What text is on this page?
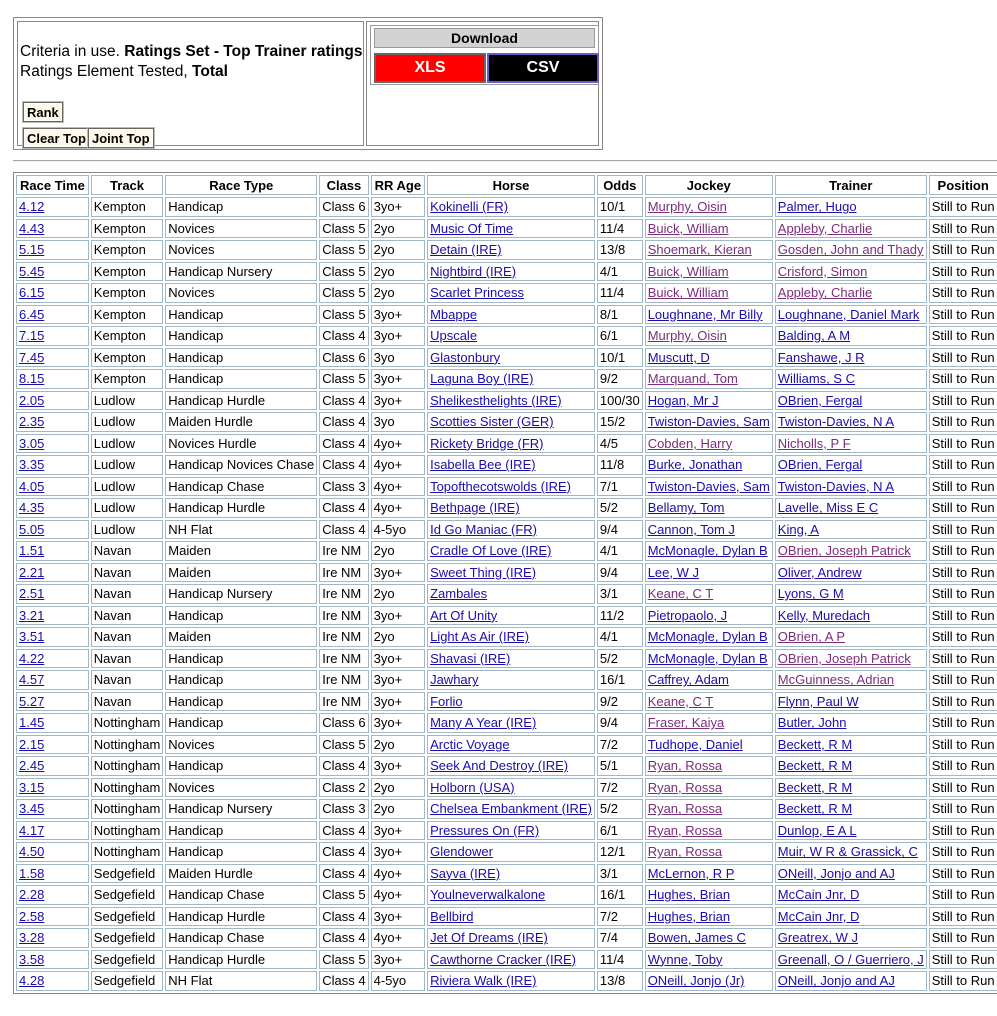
Criteria in use. Ratings Set - Top Trainer ratings
Ratings Element Tested, Total
Rank
Clear Top Joint Top
Download
XLS	CSV
Race Time	Track	Race Type	Class	RR Age	Horse	Odds	Jockey	Trainer	Position
4.12	Kempton	Handicap	Class 6	3yo+	Kokinelli (FR)	10/1	Murphy, Oisin	Palmer, Hugo	Still to Run
4.43	Kempton	Novices	Class 5	2yo	Music Of Time	11/4	Buick, William	Appleby, Charlie	Still to Run
5.15	Kempton	Novices	Class 5	2yo	Detain (IRE)	13/8	Shoemark, Kieran	Gosden, John and Thady	Still to Run
5.45	Kempton	Handicap Nursery	Class 5	2yo	Nightbird (IRE)	4/1	Buick, William	Crisford, Simon	Still to Run
6.15	Kempton	Novices	Class 5	2yo	Scarlet Princess	11/4	Buick, William	Appleby, Charlie	Still to Run
6.45	Kempton	Handicap	Class 5	3yo+	Mbappe	8/1	Loughnane, Mr Billy	Loughnane, Daniel Mark	Still to Run
7.15	Kempton	Handicap	Class 4	3yo+	Upscale	6/1	Murphy, Oisin	Balding, A M	Still to Run
7.45	Kempton	Handicap	Class 6	3yo	Glastonbury	10/1	Muscutt, D	Fanshawe, J R	Still to Run
8.15	Kempton	Handicap	Class 5	3yo+	Laguna Boy (IRE)	9/2	Marquand, Tom	Williams, S C	Still to Run
2.05	Ludlow	Handicap Hurdle	Class 4	3yo+	Shelikesthelights (IRE)	100/30	Hogan, Mr J	OBrien, Fergal	Still to Run
2.35	Ludlow	Maiden Hurdle	Class 4	3yo	Scotties Sister (GER)	15/2	Twiston-Davies, Sam	Twiston-Davies, N A	Still to Run
3.05	Ludlow	Novices Hurdle	Class 4	4yo+	Rickety Bridge (FR)	4/5	Cobden, Harry	Nicholls, P F	Still to Run
3.35	Ludlow	Handicap Novices Chase	Class 4	4yo+	Isabella Bee (IRE)	11/8	Burke, Jonathan	OBrien, Fergal	Still to Run
4.05	Ludlow	Handicap Chase	Class 3	4yo+	Topofthecotswolds (IRE)	7/1	Twiston-Davies, Sam	Twiston-Davies, N A	Still to Run
4.35	Ludlow	Handicap Hurdle	Class 4	4yo+	Bethpage (IRE)	5/2	Bellamy, Tom	Lavelle, Miss E C	Still to Run
5.05	Ludlow	NH Flat	Class 4	4-5yo	Id Go Maniac (FR)	9/4	Cannon, Tom J	King, A	Still to Run
1.51	Navan	Maiden	Ire NM	2yo	Cradle Of Love (IRE)	4/1	McMonagle, Dylan B	OBrien, Joseph Patrick	Still to Run
2.21	Navan	Maiden	Ire NM	3yo+	Sweet Thing (IRE)	9/4	Lee, W J	Oliver, Andrew	Still to Run
2.51	Navan	Handicap Nursery	Ire NM	2yo	Zambales	3/1	Keane, C T	Lyons, G M	Still to Run
3.21	Navan	Handicap	Ire NM	3yo+	Art Of Unity	11/2	Pietropaolo, J	Kelly, Muredach	Still to Run
3.51	Navan	Maiden	Ire NM	2yo	Light As Air (IRE)	4/1	McMonagle, Dylan B	OBrien, A P	Still to Run
4.22	Navan	Handicap	Ire NM	3yo+	Shavasi (IRE)	5/2	McMonagle, Dylan B	OBrien, Joseph Patrick	Still to Run
4.57	Navan	Handicap	Ire NM	3yo+	Jawhary	16/1	Caffrey, Adam	McGuinness, Adrian	Still to Run
5.27	Navan	Handicap	Ire NM	3yo+	Forlio	9/2	Keane, C T	Flynn, Paul W	Still to Run
1.45	Nottingham	Handicap	Class 6	3yo+	Many A Year (IRE)	9/4	Fraser, Kaiya	Butler, John	Still to Run
2.15	Nottingham	Novices	Class 5	2yo	Arctic Voyage	7/2	Tudhope, Daniel	Beckett, R M	Still to Run
2.45	Nottingham	Handicap	Class 4	3yo+	Seek And Destroy (IRE)	5/1	Ryan, Rossa	Beckett, R M	Still to Run
3.15	Nottingham	Novices	Class 2	2yo	Holborn (USA)	7/2	Ryan, Rossa	Beckett, R M	Still to Run
3.45	Nottingham	Handicap Nursery	Class 3	2yo	Chelsea Embankment (IRE)	5/2	Ryan, Rossa	Beckett, R M	Still to Run
4.17	Nottingham	Handicap	Class 4	3yo+	Pressures On (FR)	6/1	Ryan, Rossa	Dunlop, E A L	Still to Run
4.50	Nottingham	Handicap	Class 4	3yo+	Glendower	12/1	Ryan, Rossa	Muir, W R & Grassick, C	Still to Run
1.58	Sedgefield	Maiden Hurdle	Class 4	4yo+	Sayva (IRE)	3/1	McLernon, R P	ONeill, Jonjo and AJ	Still to Run
2.28	Sedgefield	Handicap Chase	Class 5	4yo+	Youlneverwalkalone	16/1	Hughes, Brian	McCain Jnr, D	Still to Run
2.58	Sedgefield	Handicap Hurdle	Class 4	3yo+	Bellbird	7/2	Hughes, Brian	McCain Jnr, D	Still to Run
3.28	Sedgefield	Handicap Chase	Class 4	4yo+	Jet Of Dreams (IRE)	7/4	Bowen, James C	Greatrex, W J	Still to Run
3.58	Sedgefield	Handicap Hurdle	Class 5	3yo+	Cawthorne Cracker (IRE)	11/4	Wynne, Toby	Greenall, O / Guerriero, J	Still to Run
4.28	Sedgefield	NH Flat	Class 4	4-5yo	Riviera Walk (IRE)	13/8	ONeill, Jonjo (Jr)	ONeill, Jonjo and AJ	Still to Run
